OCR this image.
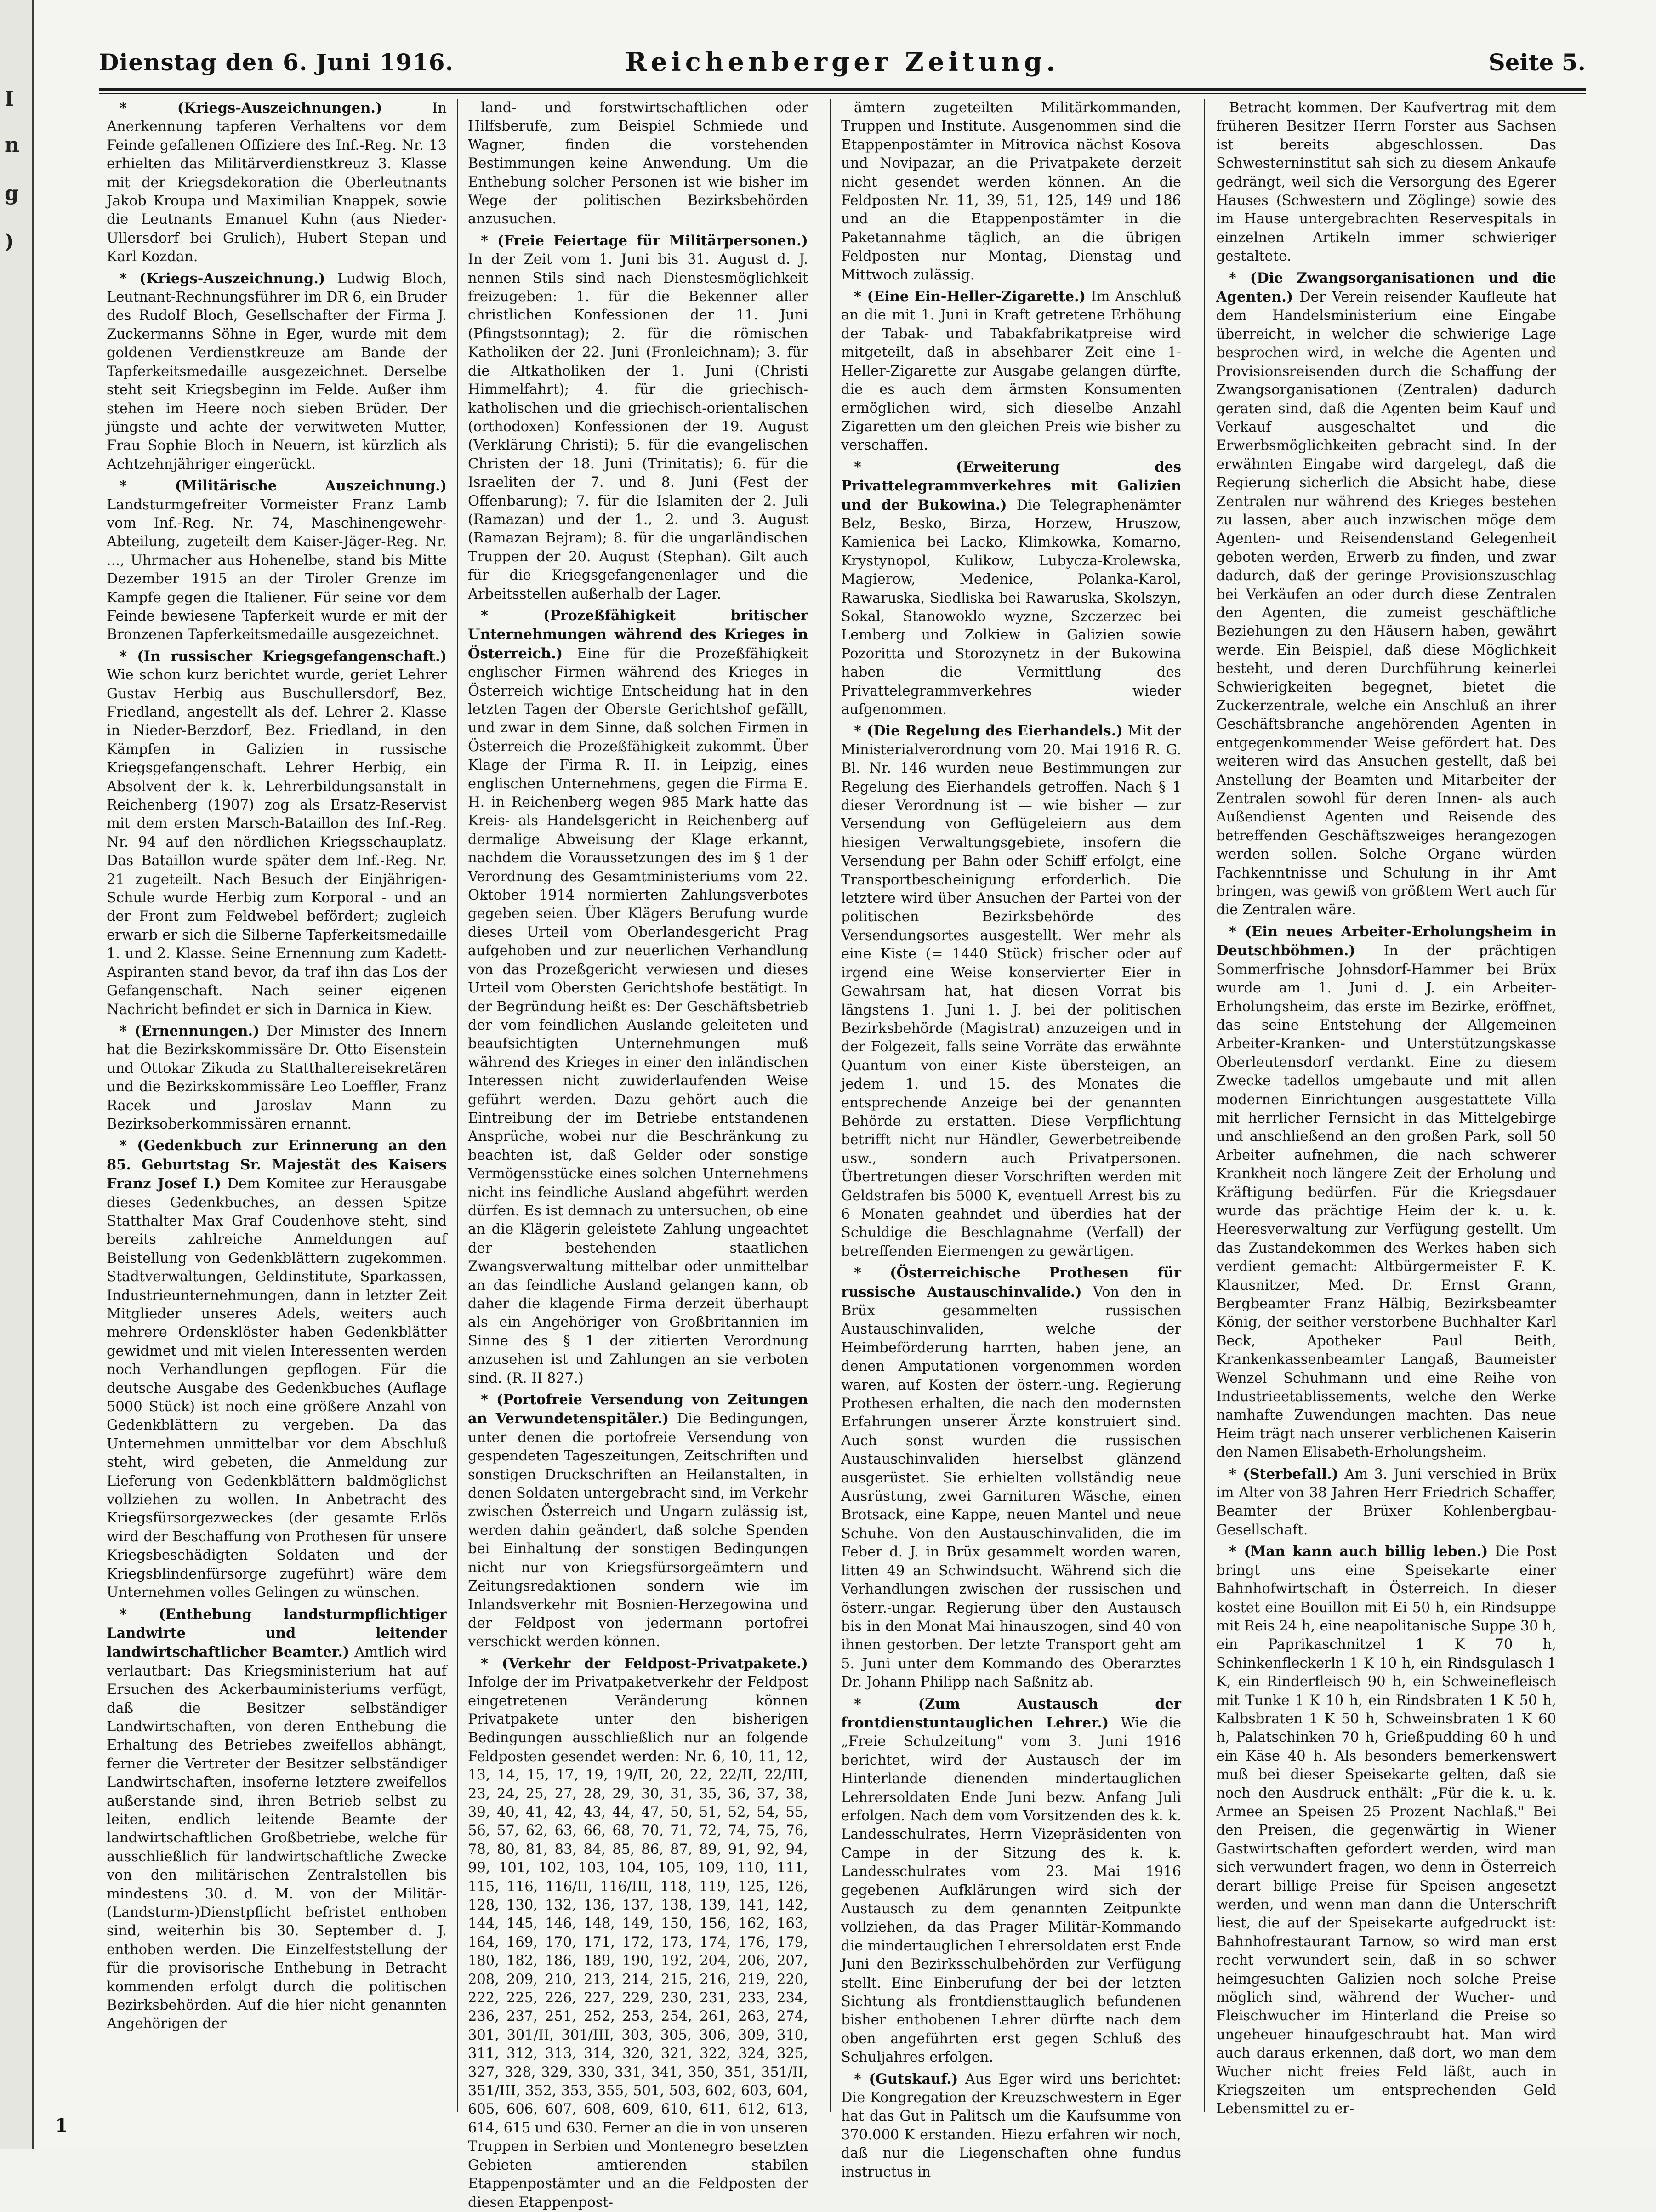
I
n
g
)
Dienstag den 6. Juni 1916.	Reichenberger Zeitung.	Seite 5.

* (Kriegs-Auszeichnungen.)	In Anerkennung tapferen Verhaltens vor dem Feinde gefallenen Offiziere des Inf.-Reg. Nr. 13 erhielten das Militärverdienstkreuz 3. Klasse mit der Kriegsdekoration die Oberleutnants Jakob Kroupa und Maximilian Knappek, sowie die Leutnants Emanuel Kuhn (aus Nieder-Ullersdorf bei Grulich), Hubert Stepan und Karl Kozdan.

* (Kriegs-Auszeichnung.) Ludwig Bloch, Leutnant-Rechnungsführer im DR 6, ein Bruder des Rudolf Bloch, Gesellschafter der Firma J. Zuckermanns Söhne in Eger, wurde mit dem goldenen Verdienstkreuze am Bande der Tapferkeitsmedaille ausgezeichnet. Derselbe steht seit Kriegsbeginn im Felde. Außer ihm stehen im Heere noch sieben Brüder. Der jüngste und achte der verwitweten Mutter, Frau Sophie Bloch in Neuern, ist kürzlich als Achtzehnjähriger eingerückt.

* (Militärische Auszeichnung.) Landsturmgefreiter Vormeister Franz Lamb vom Inf.-Reg. Nr. 74, Maschinengewehr-Abteilung, zugeteilt dem Kaiser-Jäger-Reg. Nr. ..., Uhrmacher aus Hohenelbe, stand bis Mitte Dezember 1915 an der Tiroler Grenze im Kampfe gegen die Italiener. Für seine vor dem Feinde bewiesene Tapferkeit wurde er mit der Bronzenen Tapferkeitsmedaille ausgezeichnet.

* (In russischer Kriegsgefangenschaft.) Wie schon kurz berichtet wurde, geriet Lehrer Gustav Herbig aus Buschullersdorf, Bez. Friedland, angestellt als def. Lehrer 2. Klasse in Nieder-Berzdorf, Bez. Friedland, in den Kämpfen in Galizien in russische Kriegsgefangenschaft. Lehrer Herbig, ein Absolvent der k. k. Lehrerbildungsanstalt in Reichenberg (1907) zog als Ersatz-Reservist mit dem ersten Marsch-Bataillon des Inf.-Reg. Nr. 94 auf den nördlichen Kriegsschauplatz. Das Bataillon wurde später dem Inf.-Reg. Nr. 21 zugeteilt. Nach Besuch der Einjährigen-Schule wurde Herbig zum Korporal - und an der Front zum Feldwebel befördert; zugleich erwarb er sich die Silberne Tapferkeitsmedaille 1. und 2. Klasse. Seine Ernennung zum Kadett-Aspiranten stand bevor, da traf ihn das Los der Gefangenschaft. Nach seiner eigenen Nachricht befindet er sich in Darnica in Kiew.

* (Ernennungen.) Der Minister des Innern hat die Bezirkskommissäre Dr. Otto Eisenstein und Ottokar Zikuda zu Statthaltereisekretären und die Bezirkskommissäre Leo Loeffler, Franz Racek und Jaroslav Mann zu Bezirksoberkommissären ernannt.

* (Gedenkbuch zur Erinnerung an den 85. Geburtstag Sr. Majestät des Kaisers Franz Josef I.) Dem Komitee zur Herausgabe dieses Gedenkbuches, an dessen Spitze Statthalter Max Graf Coudenhove steht, sind bereits zahlreiche Anmeldungen auf Beistellung von Gedenkblättern zugekommen. Stadtverwaltungen, Geldinstitute, Sparkassen, Industrieunternehmungen, dann in letzter Zeit Mitglieder unseres Adels, weiters auch mehrere Ordensklöster haben Gedenkblätter gewidmet und mit vielen Interessenten werden noch Verhandlungen gepflogen. Für die deutsche Ausgabe des Gedenkbuches (Auflage 5000 Stück) ist noch eine größere Anzahl von Gedenkblättern zu vergeben. Da das Unternehmen unmittelbar vor dem Abschluß steht, wird gebeten, die Anmeldung zur Lieferung von Gedenkblättern baldmöglichst vollziehen zu wollen. In Anbetracht des Kriegsfürsorgezweckes (der gesamte Erlös wird der Beschaffung von Prothesen für unsere Kriegsbeschädigten Soldaten und der Kriegsblindenfürsorge zugeführt) wäre dem Unternehmen volles Gelingen zu wünschen.

* (Enthebung landsturmpflichtiger Landwirte und leitender landwirtschaftlicher Beamter.) Amtlich wird verlautbart: Das Kriegsministerium hat auf Ersuchen des Ackerbauministeriums verfügt, daß die Besitzer selbständiger Landwirtschaften, von deren Enthebung die Erhaltung des Betriebes zweifellos abhängt, ferner die Vertreter der Besitzer selbständiger Landwirtschaften, insoferne letztere zweifellos außerstande sind, ihren Betrieb selbst zu leiten, endlich leitende Beamte der landwirtschaftlichen Großbetriebe, welche für ausschließlich für landwirtschaftliche Zwecke von den militärischen Zentralstellen bis mindestens 30. d. M. von der Militär-(Landsturm-)Dienstpflicht befristet enthoben sind, weiterhin bis 30. September d. J. enthoben werden. Die Einzelfeststellung der für die provisorische Enthebung in Betracht kommenden erfolgt durch die politischen Bezirksbehörden. Auf die hier nicht genannten Angehörigen der

land- und forstwirtschaftlichen oder Hilfsberufe, zum Beispiel Schmiede und Wagner, finden die vorstehenden Bestimmungen keine Anwendung. Um die Enthebung solcher Personen ist wie bisher im Wege der politischen Bezirksbehörden anzusuchen.

* (Freie Feiertage für Militärpersonen.) In der Zeit vom 1. Juni bis 31. August d. J. nennen Stils sind nach Dienstesmöglichkeit freizugeben: 1. für die Bekenner aller christlichen Konfessionen der 11. Juni (Pfingstsonntag); 2. für die römischen Katholiken der 22. Juni (Fronleichnam); 3. für die Altkatholiken der 1. Juni (Christi Himmelfahrt); 4. für die griechisch-katholischen und die griechisch-orientalischen (orthodoxen) Konfessionen der 19. August (Verklärung Christi); 5. für die evangelischen Christen der 18. Juni (Trinitatis); 6. für die Israeliten der 7. und 8. Juni (Fest der Offenbarung); 7. für die Islamiten der 2. Juli (Ramazan) und der 1., 2. und 3. August (Ramazan Bejram); 8. für die ungarländischen Truppen der 20. August (Stephan). Gilt auch für die Kriegsgefangenenlager und die Arbeitsstellen außerhalb der Lager.

* (Prozeßfähigkeit britischer Unternehmungen während des Krieges in Österreich.) Eine für die Prozeßfähigkeit englischer Firmen während des Krieges in Österreich wichtige Entscheidung hat in den letzten Tagen der Oberste Gerichtshof gefällt, und zwar in dem Sinne, daß solchen Firmen in Österreich die Prozeßfähigkeit zukommt. Über Klage der Firma R. H. in Leipzig, eines englischen Unternehmens, gegen die Firma E. H. in Reichenberg wegen 985 Mark hatte das Kreis- als Handelsgericht in Reichenberg auf dermalige Abweisung der Klage erkannt, nachdem die Voraussetzungen des im § 1 der Verordnung des Gesamtministeriums vom 22. Oktober 1914 normierten Zahlungsverbotes gegeben seien. Über Klägers Berufung wurde dieses Urteil vom Oberlandesgericht Prag aufgehoben und zur neuerlichen Verhandlung von das Prozeßgericht verwiesen und dieses Urteil vom Obersten Gerichtshofe bestätigt. In der Begründung heißt es: Der Geschäftsbetrieb der vom feindlichen Auslande geleiteten und beaufsichtigten Unternehmungen muß während des Krieges in einer den inländischen Interessen nicht zuwiderlaufenden Weise geführt werden. Dazu gehört auch die Eintreibung der im Betriebe entstandenen Ansprüche, wobei nur die Beschränkung zu beachten ist, daß Gelder oder sonstige Vermögensstücke eines solchen Unternehmens nicht ins feindliche Ausland abgeführt werden dürfen. Es ist demnach zu untersuchen, ob eine an die Klägerin geleistete Zahlung ungeachtet der bestehenden staatlichen Zwangsverwaltung mittelbar oder unmittelbar an das feindliche Ausland gelangen kann, ob daher die klagende Firma derzeit überhaupt als ein Angehöriger von Großbritannien im Sinne des § 1 der zitierten Verordnung anzusehen ist und Zahlungen an sie verboten sind. (R. II 827.)

* (Portofreie Versendung von Zeitungen an Verwundetenspitäler.) Die Bedingungen, unter denen die portofreie Versendung von gespendeten Tageszeitungen, Zeitschriften und sonstigen Druckschriften an Heilanstalten, in denen Soldaten untergebracht sind, im Verkehr zwischen Österreich und Ungarn zulässig ist, werden dahin geändert, daß solche Spenden bei Einhaltung der sonstigen Bedingungen nicht nur von Kriegsfürsorgeämtern und Zeitungsredaktionen sondern wie im Inlandsverkehr mit Bosnien-Herzegowina und der Feldpost von jedermann portofrei verschickt werden können.

* (Verkehr der Feldpost-Privatpakete.) Infolge der im Privatpaketverkehr der Feldpost eingetretenen Veränderung können Privatpakete unter den bisherigen Bedingungen ausschließlich nur an folgende Feldposten gesendet werden: Nr. 6, 10, 11, 12, 13, 14, 15, 17, 19, 19/II, 20, 22, 22/II, 22/III, 23, 24, 25, 27, 28, 29, 30, 31, 35, 36, 37, 38, 39, 40, 41, 42, 43, 44, 47, 50, 51, 52, 54, 55, 56, 57, 62, 63, 66, 68, 70, 71, 72, 74, 75, 76, 78, 80, 81, 83, 84, 85, 86, 87, 89, 91, 92, 94, 99, 101, 102, 103, 104, 105, 109, 110, 111, 115, 116, 116/II, 116/III, 118, 119, 125, 126, 128, 130, 132, 136, 137, 138, 139, 141, 142, 144, 145, 146, 148, 149, 150, 156, 162, 163, 164, 169, 170, 171, 172, 173, 174, 176, 179, 180, 182, 186, 189, 190, 192, 204, 206, 207, 208, 209, 210, 213, 214, 215, 216, 219, 220, 222, 225, 226, 227, 229, 230, 231, 233, 234, 236, 237, 251, 252, 253, 254, 261, 263, 274, 301, 301/II, 301/III, 303, 305, 306, 309, 310, 311, 312, 313, 314, 320, 321, 322, 324, 325, 327, 328, 329, 330, 331, 341, 350, 351, 351/II, 351/III, 352, 353, 355, 501, 503, 602, 603, 604, 605, 606, 607, 608, 609, 610, 611, 612, 613, 614, 615 und 630. Ferner an die in von unseren Truppen in Serbien und Montenegro besetzten Gebieten amtierenden stabilen Etappenpostämter und an die Feldposten der diesen Etappenpost-

ämtern zugeteilten Militärkommanden, Truppen und Institute. Ausgenommen sind die Etappenpostämter in Mitrovica nächst Kosova und Novipazar, an die Privatpakete derzeit nicht gesendet werden können. An die Feldposten Nr. 11, 39, 51, 125, 149 und 186 und an die Etappenpostämter in die Paketannahme täglich, an die übrigen Feldposten nur Montag, Dienstag und Mittwoch zulässig.

* (Eine Ein-Heller-Zigarette.) Im Anschluß an die mit 1. Juni in Kraft getretene Erhöhung der Tabak- und Tabakfabrikatpreise wird mitgeteilt, daß in absehbarer Zeit eine 1-Heller-Zigarette zur Ausgabe gelangen dürfte, die es auch dem ärmsten Konsumenten ermöglichen wird, sich dieselbe Anzahl Zigaretten um den gleichen Preis wie bisher zu verschaffen.

* (Erweiterung des Privattelegrammverkehres mit Galizien und der Bukowina.) Die Telegraphenämter Belz, Besko, Birza, Horzew, Hruszow, Kamienica bei Lacko, Klimkowka, Komarno, Krystynopol, Kulikow, Lubycza-Krolewska, Magierow, Medenice, Polanka-Karol, Rawaruska, Siedliska bei Rawaruska, Skolszyn, Sokal, Stanowoklo wyzne, Szczerzec bei Lemberg und Zolkiew in Galizien sowie Pozoritta und Storozynetz in der Bukowina haben die Vermittlung des Privattelegrammverkehres wieder aufgenommen.

* (Die Regelung des Eierhandels.) Mit der Ministerialverordnung vom 20. Mai 1916 R. G. Bl. Nr. 146 wurden neue Bestimmungen zur Regelung des Eierhandels getroffen. Nach § 1 dieser Verordnung ist — wie bisher — zur Versendung von Geflügeleiern aus dem hiesigen Verwaltungsgebiete, insofern die Versendung per Bahn oder Schiff erfolgt, eine Transportbescheinigung erforderlich. Die letztere wird über Ansuchen der Partei von der politischen Bezirksbehörde des Versendungsortes ausgestellt. Wer mehr als eine Kiste (= 1440 Stück) frischer oder auf irgend eine Weise konservierter Eier in Gewahrsam hat, hat diesen Vorrat bis längstens 1. Juni 1. J. bei der politischen Bezirksbehörde (Magistrat) anzuzeigen und in der Folgezeit, falls seine Vorräte das erwähnte Quantum von einer Kiste übersteigen, an jedem 1. und 15. des Monates die entsprechende Anzeige bei der genannten Behörde zu erstatten. Diese Verpflichtung betrifft nicht nur Händler, Gewerbetreibende usw., sondern auch Privatpersonen. Übertretungen dieser Vorschriften werden mit Geldstrafen bis 5000 K, eventuell Arrest bis zu 6 Monaten geahndet und überdies hat der Schuldige die Beschlagnahme (Verfall) der betreffenden Eiermengen zu gewärtigen.

* (Österreichische Prothesen für russische Austauschinvalide.) Von den in Brüx gesammelten russischen Austauschinvaliden, welche der Heimbeförderung harrten, haben jene, an denen Amputationen vorgenommen worden waren, auf Kosten der österr.-ung. Regierung Prothesen erhalten, die nach den modernsten Erfahrungen unserer Ärzte konstruiert sind. Auch sonst wurden die russischen Austauschinvaliden hierselbst glänzend ausgerüstet. Sie erhielten vollständig neue Ausrüstung, zwei Garnituren Wäsche, einen Brotsack, eine Kappe, neuen Mantel und neue Schuhe. Von den Austauschinvaliden, die im Feber d. J. in Brüx gesammelt worden waren, litten 49 an Schwindsucht. Während sich die Verhandlungen zwischen der russischen und österr.-ungar. Regierung über den Austausch bis in den Monat Mai hinauszogen, sind 40 von ihnen gestorben. Der letzte Transport geht am 5. Juni unter dem Kommando des Oberarztes Dr. Johann Philipp nach Saßnitz ab.

* (Zum Austausch der frontdienstuntauglichen Lehrer.) Wie die „Freie Schulzeitung" vom 3. Juni 1916 berichtet, wird der Austausch der im Hinterlande dienenden mindertauglichen Lehrersoldaten Ende Juni bezw. Anfang Juli erfolgen. Nach dem vom Vorsitzenden des k. k. Landesschulrates, Herrn Vizepräsidenten von Campe in der Sitzung des k. k. Landesschulrates vom 23. Mai 1916 gegebenen Aufklärungen wird sich der Austausch zu dem genannten Zeitpunkte vollziehen, da das Prager Militär-Kommando die mindertauglichen Lehrersoldaten erst Ende Juni den Bezirksschulbehörden zur Verfügung stellt. Eine Einberufung der bei der letzten Sichtung als frontdiensttauglich befundenen bisher enthobenen Lehrer dürfte nach dem oben angeführten erst gegen Schluß des Schuljahres erfolgen.

* (Gutskauf.) Aus Eger wird uns berichtet: Die Kongregation der Kreuzschwestern in Eger hat das Gut in Palitsch um die Kaufsumme von 370.000 K erstanden. Hiezu erfahren wir noch, daß nur die Liegenschaften ohne fundus instructus in

Betracht kommen. Der Kaufvertrag mit dem früheren Besitzer Herrn Forster aus Sachsen ist bereits abgeschlossen. Das Schwesterninstitut sah sich zu diesem Ankaufe gedrängt, weil sich die Versorgung des Egerer Hauses (Schwestern und Zöglinge) sowie des im Hause untergebrachten Reservespitals in einzelnen Artikeln immer schwieriger gestaltete.

* (Die Zwangsorganisationen und die Agenten.) Der Verein reisender Kaufleute hat dem Handelsministerium eine Eingabe überreicht, in welcher die schwierige Lage besprochen wird, in welche die Agenten und Provisionsreisenden durch die Schaffung der Zwangsorganisationen (Zentralen) dadurch geraten sind, daß die Agenten beim Kauf und Verkauf ausgeschaltet und die Erwerbsmöglichkeiten gebracht sind. In der erwähnten Eingabe wird dargelegt, daß die Regierung sicherlich die Absicht habe, diese Zentralen nur während des Krieges bestehen zu lassen, aber auch inzwischen möge dem Agenten- und Reisendenstand Gelegenheit geboten werden, Erwerb zu finden, und zwar dadurch, daß der geringe Provisionszuschlag bei Verkäufen an oder durch diese Zentralen den Agenten, die zumeist geschäftliche Beziehungen zu den Häusern haben, gewährt werde. Ein Beispiel, daß diese Möglichkeit besteht, und deren Durchführung keinerlei Schwierigkeiten begegnet, bietet die Zuckerzentrale, welche ein Anschluß an ihrer Geschäftsbranche angehörenden Agenten in entgegenkommender Weise gefördert hat. Des weiteren wird das Ansuchen gestellt, daß bei Anstellung der Beamten und Mitarbeiter der Zentralen sowohl für deren Innen- als auch Außendienst Agenten und Reisende des betreffenden Geschäftszweiges herangezogen werden sollen. Solche Organe würden Fachkenntnisse und Schulung in ihr Amt bringen, was gewiß von größtem Wert auch für die Zentralen wäre.

* (Ein neues Arbeiter-Erholungsheim in Deutschböhmen.) In der prächtigen Sommerfrische Johnsdorf-Hammer bei Brüx wurde am 1. Juni d. J. ein Arbeiter-Erholungsheim, das erste im Bezirke, eröffnet, das seine Entstehung der Allgemeinen Arbeiter-Kranken- und Unterstützungskasse Oberleutensdorf verdankt. Eine zu diesem Zwecke tadellos umgebaute und mit allen modernen Einrichtungen ausgestattete Villa mit herrlicher Fernsicht in das Mittelgebirge und anschließend an den großen Park, soll 50 Arbeiter aufnehmen, die nach schwerer Krankheit noch längere Zeit der Erholung und Kräftigung bedürfen. Für die Kriegsdauer wurde das prächtige Heim der k. u. k. Heeresverwaltung zur Verfügung gestellt. Um das Zustandekommen des Werkes haben sich verdient gemacht: Altbürgermeister F. K. Klausnitzer, Med. Dr. Ernst Grann, Bergbeamter Franz Hälbig, Bezirksbeamter König, der seither verstorbene Buchhalter Karl Beck, Apotheker Paul Beith, Krankenkassenbeamter Langaß, Baumeister Wenzel Schuhmann und eine Reihe von Industrieetablissements, welche den Werke namhafte Zuwendungen machten. Das neue Heim trägt nach unserer verblichenen Kaiserin den Namen Elisabeth-Erholungsheim.

* (Sterbefall.) Am 3. Juni verschied in Brüx im Alter von 38 Jahren Herr Friedrich Schaffer, Beamter der Brüxer Kohlenbergbau-Gesellschaft.

* (Man kann auch billig leben.) Die Post bringt uns eine Speisekarte einer Bahnhofwirtschaft in Österreich. In dieser kostet eine Bouillon mit Ei 50 h, ein Rindsuppe mit Reis 24 h, eine neapolitanische Suppe 30 h, ein Paprikaschnitzel 1 K 70 h, Schinkenfleckerln 1 K 10 h, ein Rindsgulasch 1 K, ein Rinderfleisch 90 h, ein Schweinefleisch mit Tunke 1 K 10 h, ein Rindsbraten 1 K 50 h, Kalbsbraten 1 K 50 h, Schweinsbraten 1 K 60 h, Palatschinken 70 h, Grießpudding 60 h und ein Käse 40 h. Als besonders bemerkenswert muß bei dieser Speisekarte gelten, daß sie noch den Ausdruck enthält: „Für die k. u. k. Armee an Speisen 25 Prozent Nachlaß." Bei den Preisen, die gegenwärtig in Wiener Gastwirtschaften gefordert werden, wird man sich verwundert fragen, wo denn in Österreich derart billige Preise für Speisen angesetzt werden, und wenn man dann die Unterschrift liest, die auf der Speisekarte aufgedruckt ist: Bahnhofrestaurant Tarnow, so wird man erst recht verwundert sein, daß in so schwer heimgesuchten Galizien noch solche Preise möglich sind, während der Wucher- und Fleischwucher im Hinterland die Preise so ungeheuer hinaufgeschraubt hat. Man wird auch daraus erkennen, daß dort, wo man dem Wucher nicht freies Feld läßt, auch in Kriegszeiten um entsprechenden Geld Lebensmittel zu er-

1
